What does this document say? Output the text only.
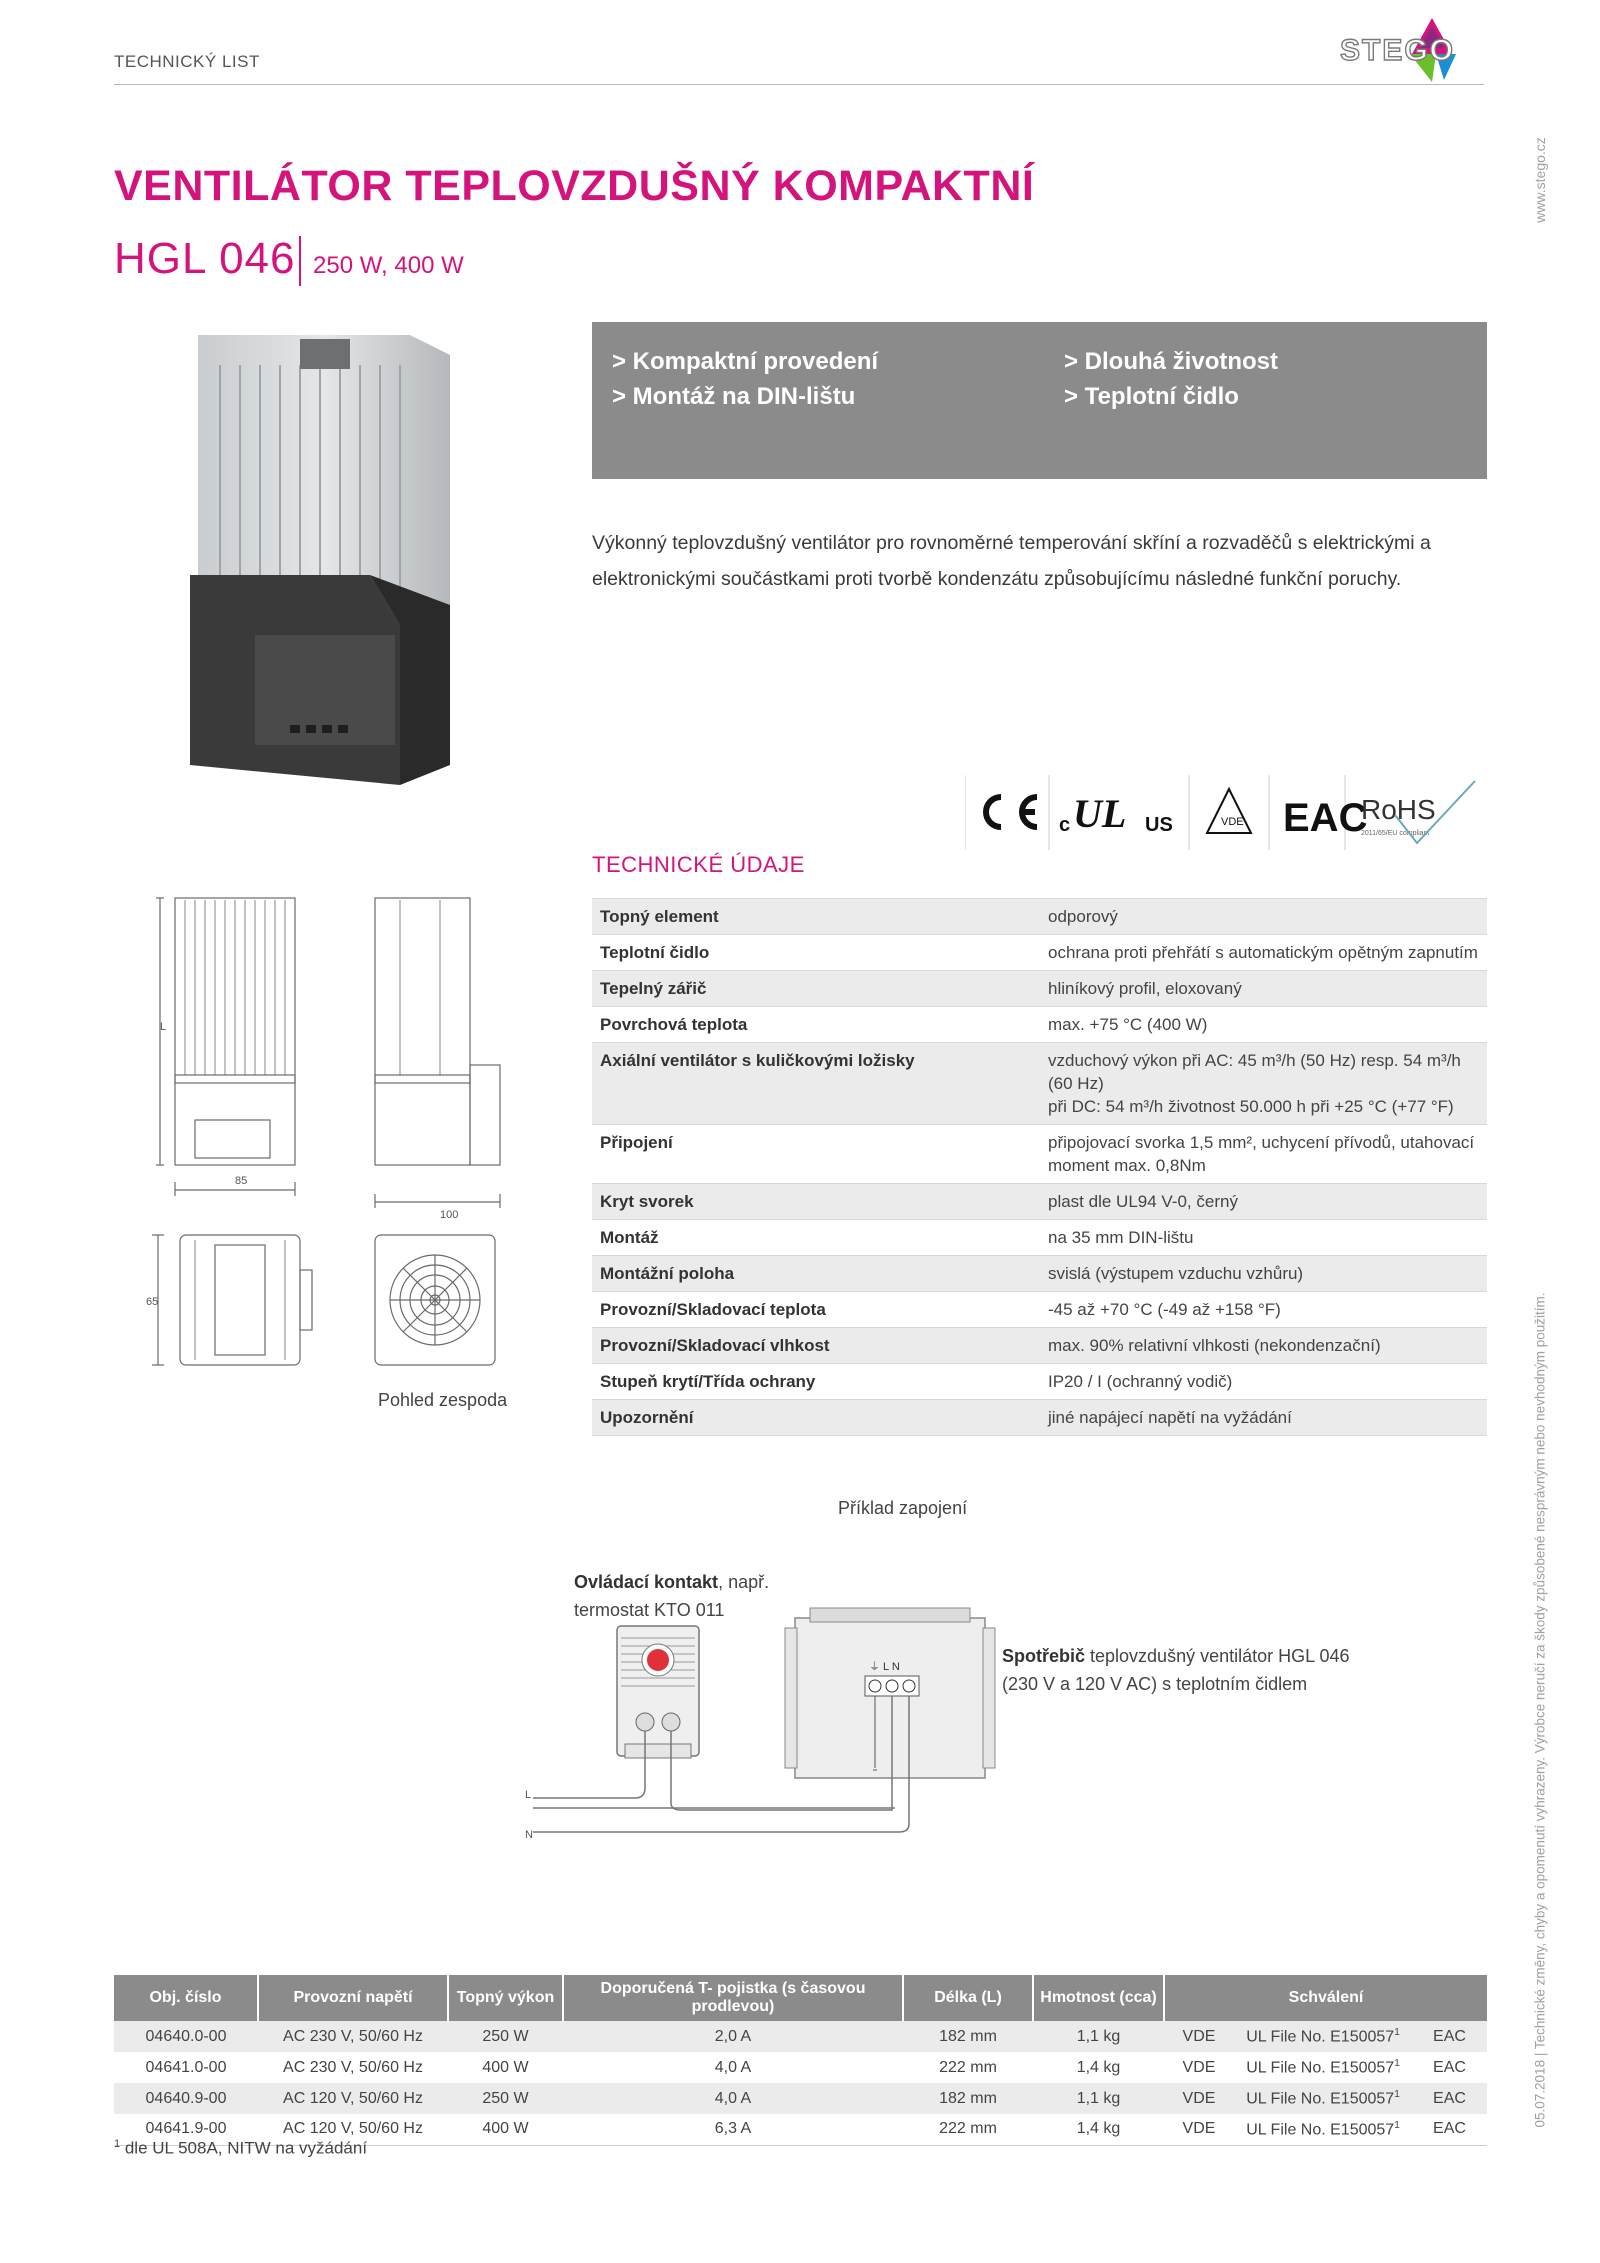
TECHNICKÝ LIST	STEGO
www.stego.cz
05.07.2018 | Technické změny, chyby a opomenutí vyhrazeny. Výrobce neručí za škody způsobené nesprávným nebo nevhodným použitím.
VENTILÁTOR TEPLOVZDUŠNÝ KOMPAKTNÍ
HGL 046 250 W, 400 W
> Kompaktní provedení
> Montáž na DIN-lištu
> Dlouhá životnost
> Teplotní čidlo
Výkonný teplovzdušný ventilátor pro rovnoměrné temperování skříní a rozvaděčů s elektrickými a elektronickými součástkami proti tvorbě kondenzátu způsobujícímu následné funkční poruchy.
c UL US	VDE EAC
RoHS
2011/65/EU compliant
TECHNICKÉ ÚDAJE
Topný element	odporový
Teplotní čidlo	ochrana proti přehřátí s automatickým opětným zapnutím
Tepelný zářič	hliníkový profil, eloxovaný
Povrchová teplota	max. +75 °C (400 W)
Axiální ventilátor s kuličkovými ložisky	vzduchový výkon při AC: 45 m³/h (50 Hz) resp. 54 m³/h (60 Hz)
při DC: 54 m³/h životnost 50.000 h při +25 °C (+77 °F)

Připojení	připojovací svorka 1,5 mm², uchycení přívodů, utahovací
moment max. 0,8Nm

Kryt svorek	plast dle UL94 V-0, černý
Montáž	na 35 mm DIN-lištu
Montážní poloha	svislá (výstupem vzduchu vzhůru)
Provozní/Skladovací teplota	-45 až +70 °C (-49 až +158 °F)
Provozní/Skladovací vlhkost	max. 90% relativní vlhkosti (nekondenzační)
Stupeň krytí/Třída ochrany	IP20 / I (ochranný vodič)
Upozornění	jiné napájecí napětí na vyžádání
L
85
100
65
Pohled zespoda
Příklad zapojení
Ovládací kontakt, např.
termostat KTO 011
Spotřebič teplovzdušný ventilátor HGL 046
(230 V a 120 V AC) s teplotním čidlem
⏚ L N
L
N
Obj. číslo	Provozní napětí	Topný výkon	Doporučená T- pojistka (s časovou prodlevou)	Délka (L)	Hmotnost (cca)	Schválení		
04640.0-00	AC 230 V, 50/60 Hz	250 W	2,0 A	182 mm	1,1 kg	VDE	UL File No. E150057$^1$	EAC
04641.0-00	AC 230 V, 50/60 Hz	400 W	4,0 A	222 mm	1,4 kg	VDE	UL File No. E150057$^1$	EAC
04640.9-00	AC 120 V, 50/60 Hz	250 W	4,0 A	182 mm	1,1 kg	VDE	UL File No. E150057$^1$	EAC
04641.9-00	AC 120 V, 50/60 Hz	400 W	6,3 A	222 mm	1,4 kg	VDE	UL File No. E150057$^1$	EAC
$^1$ dle UL 508A, NITW na vyžádání
